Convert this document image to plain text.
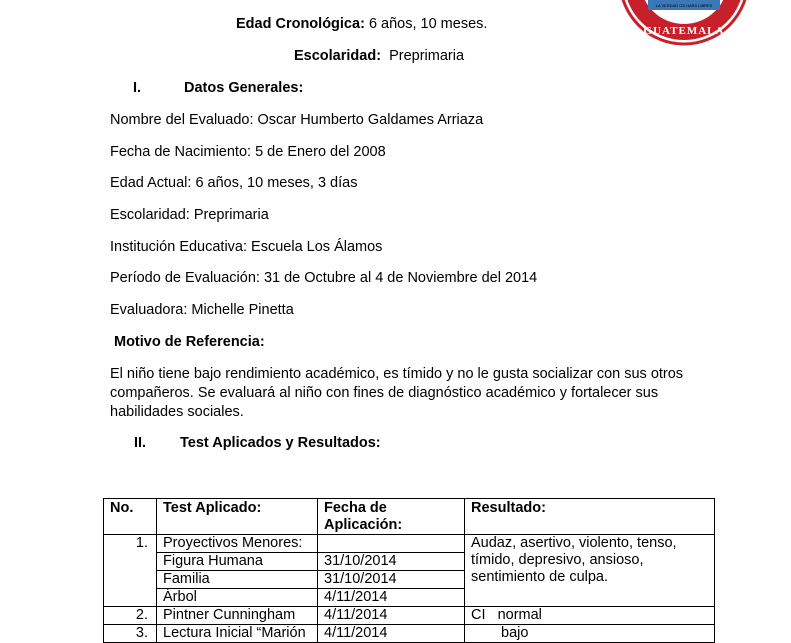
LA VERDAD OS HARA LIBRES
GUATEMALA
Edad Cronológica: 6 años, 10 meses.
Escolaridad: Preprimaria
I.	Datos Generales:
Nombre del Evaluado: Oscar Humberto Galdames Arriaza
Fecha de Nacimiento: 5 de Enero del 2008
Edad Actual: 6 años, 10 meses, 3 días
Escolaridad: Preprimaria
Institución Educativa: Escuela Los Álamos
Período de Evaluación: 31 de Octubre al 4 de Noviembre del 2014
Evaluadora: Michelle Pinetta
Motivo de Referencia:
El niño tiene bajo rendimiento académico, es tímido y no le gusta socializar con sus otros
compañeros. Se evaluará al niño con fines de diagnóstico académico y fortalecer sus
habilidades sociales.
II. Test Aplicados y Resultados:
No.	Test Aplicado:	Fecha de
Aplicación:	Resultado:
1.	Proyectivos Menores:		Audaz, asertivo, violento, tenso,
tímido, depresivo, ansioso,
sentimiento de culpa.
	Figura Humana	31/10/2014	
	Familia	31/10/2014	
	Árbol	4/11/2014	
2.	Pintner Cunningham	4/11/2014	CI   normal
3.	Lectura Inicial “Marión	4/11/2014	bajo
